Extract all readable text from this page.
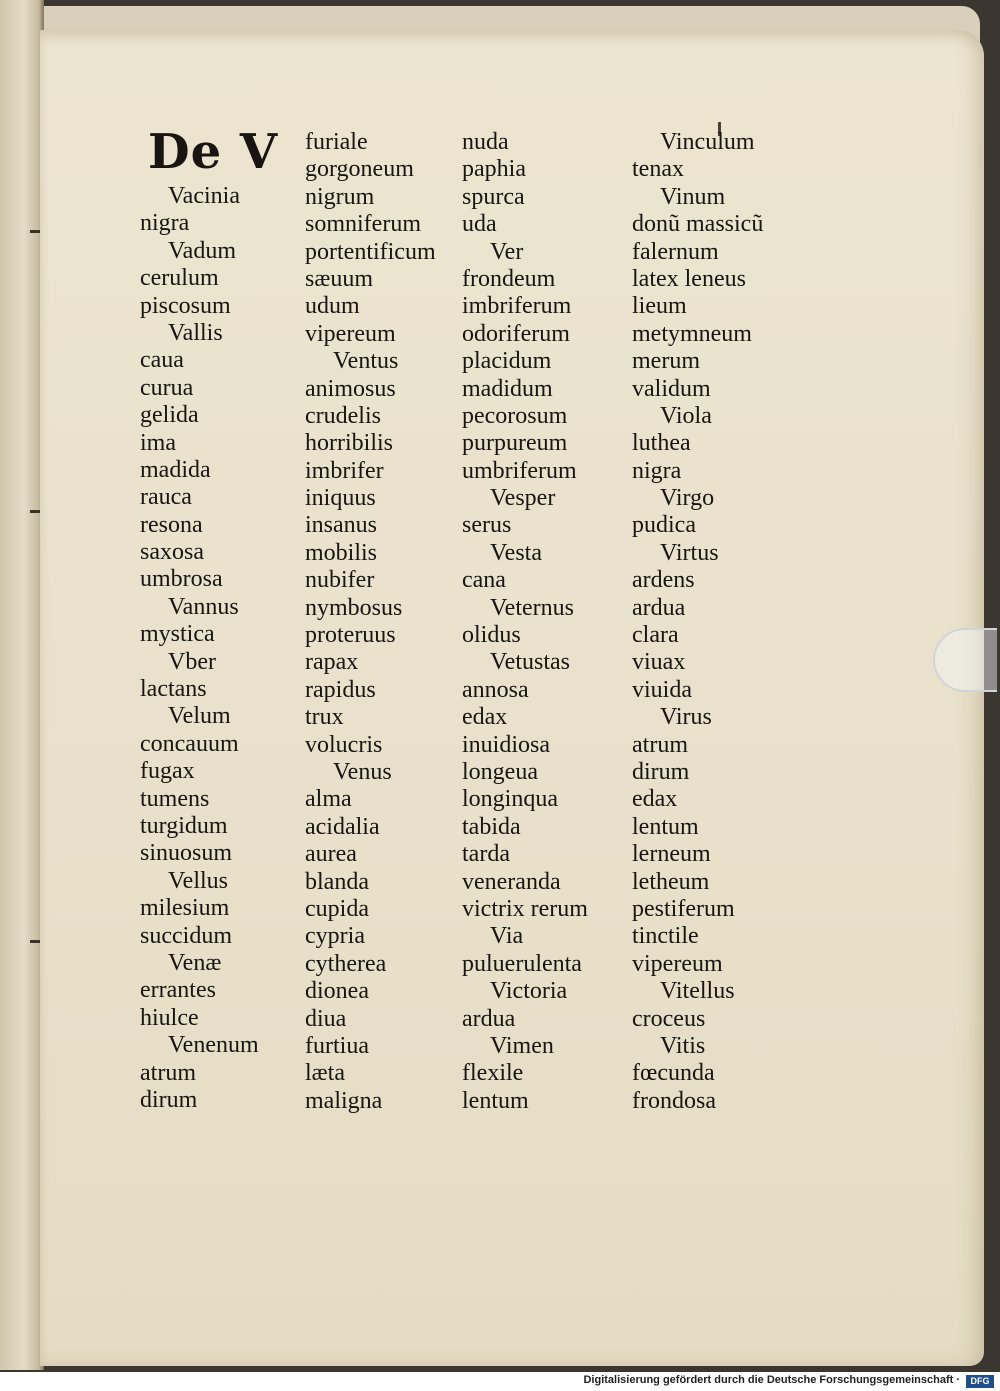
De V
Vacinia
nigra
Vadum
cerulum
piscosum
Vallis
caua
curua
gelida
ima
madida
rauca
resona
saxosa
umbrosa
Vannus
mystica
Vber
lactans
Velum
concauum
fugax
tumens
turgidum
sinuosum
Vellus
milesium
succidum
Venæ
errantes
hiulce
Venenum
atrum
dirum
furiale
gorgoneum
nigrum
somniferum
portentificum
sæuum
udum
vipereum
Ventus
animosus
crudelis
horribilis
imbrifer
iniquus
insanus
mobilis
nubifer
nymbosus
proteruus
rapax
rapidus
trux
volucris
Venus
alma
acidalia
aurea
blanda
cupida
cypria
cytherea
dionea
diua
furtiua
læta
maligna
nuda
paphia
spurca
uda
Ver
frondeum
imbriferum
odoriferum
placidum
madidum
pecorosum
purpureum
umbriferum
Vesper
serus
Vesta
cana
Veternus
olidus
Vetustas
annosa
edax
inuidiosa
longeua
longinqua
tabida
tarda
veneranda
victrix rerum
Via
puluerulenta
Victoria
ardua
Vimen
flexile
lentum
Vinculum
tenax
Vinum
donũ massicũ
falernum
latex leneus
lieum
metymneum
merum
validum
Viola
luthea
nigra
Virgo
pudica
Virtus
ardens
ardua
clara
viuax
viuida
Virus
atrum
dirum
edax
lentum
lerneum
letheum
pestiferum
tinctile
vipereum
Vitellus
croceus
Vitis
fœcunda
frondosa
Digitalisierung gefördert durch die Deutsche Forschungsgemeinschaft ·	DFG
